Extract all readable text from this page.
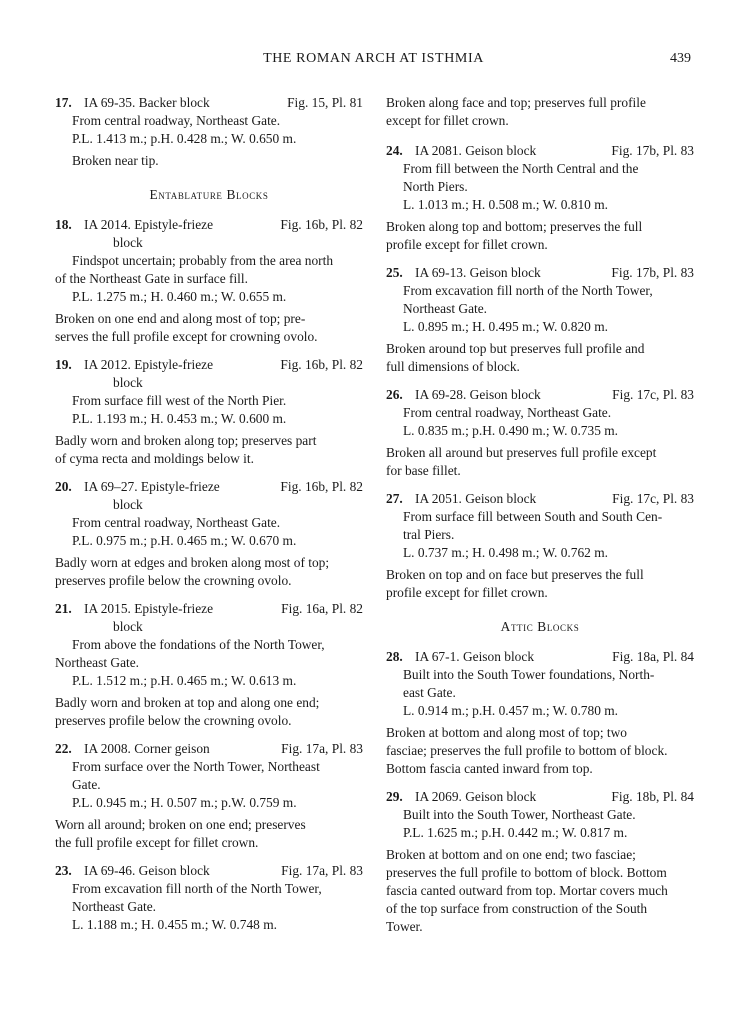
THE ROMAN ARCH AT ISTHMIA	439
17. IA 69-35. Backer block	Fig. 15, Pl. 81
From central roadway, Northeast Gate.
P.L. 1.413 m.; p.H. 0.428 m.; W. 0.650 m.
Broken near tip.
Entablature Blocks
18. IA 2014. Epistyle-frieze	Fig. 16b, Pl. 82
block
Findspot uncertain; probably from the area north
of the Northeast Gate in surface fill.
P.L. 1.275 m.; H. 0.460 m.; W. 0.655 m.
Broken on one end and along most of top; pre-
serves the full profile except for crowning ovolo.
19. IA 2012. Epistyle-frieze	Fig. 16b, Pl. 82
block
From surface fill west of the North Pier.
P.L. 1.193 m.; H. 0.453 m.; W. 0.600 m.
Badly worn and broken along top; preserves part
of cyma recta and moldings below it.
20. IA 69–27. Epistyle-frieze	Fig. 16b, Pl. 82
block
From central roadway, Northeast Gate.
P.L. 0.975 m.; p.H. 0.465 m.; W. 0.670 m.
Badly worn at edges and broken along most of top;
preserves profile below the crowning ovolo.
21. IA 2015. Epistyle-frieze	Fig. 16a, Pl. 82
block
From above the fondations of the North Tower,
Northeast Gate.
P.L. 1.512 m.; p.H. 0.465 m.; W. 0.613 m.
Badly worn and broken at top and along one end;
preserves profile below the crowning ovolo.
22. IA 2008. Corner geison	Fig. 17a, Pl. 83
From surface over the North Tower, Northeast
Gate.
P.L. 0.945 m.; H. 0.507 m.; p.W. 0.759 m.
Worn all around; broken on one end; preserves
the full profile except for fillet crown.
23. IA 69-46. Geison block	Fig. 17a, Pl. 83
From excavation fill north of the North Tower,
Northeast Gate.
L. 1.188 m.; H. 0.455 m.; W. 0.748 m.
Broken along face and top; preserves full profile
except for fillet crown.
24. IA 2081. Geison block	Fig. 17b, Pl. 83
From fill between the North Central and the
North Piers.
L. 1.013 m.; H. 0.508 m.; W. 0.810 m.
Broken along top and bottom; preserves the full
profile except for fillet crown.
25. IA 69-13. Geison block	Fig. 17b, Pl. 83
From excavation fill north of the North Tower,
Northeast Gate.
L. 0.895 m.; H. 0.495 m.; W. 0.820 m.
Broken around top but preserves full profile and
full dimensions of block.
26. IA 69-28. Geison block	Fig. 17c, Pl. 83
From central roadway, Northeast Gate.
L. 0.835 m.; p.H. 0.490 m.; W. 0.735 m.
Broken all around but preserves full profile except
for base fillet.
27. IA 2051. Geison block	Fig. 17c, Pl. 83
From surface fill between South and South Cen-
tral Piers.
L. 0.737 m.; H. 0.498 m.; W. 0.762 m.
Broken on top and on face but preserves the full
profile except for fillet crown.
Attic Blocks
28. IA 67-1. Geison block	Fig. 18a, Pl. 84
Built into the South Tower foundations, North-
east Gate.
L. 0.914 m.; p.H. 0.457 m.; W. 0.780 m.
Broken at bottom and along most of top; two
fasciae; preserves the full profile to bottom of block.
Bottom fascia canted inward from top.
29. IA 2069. Geison block	Fig. 18b, Pl. 84
Built into the South Tower, Northeast Gate.
P.L. 1.625 m.; p.H. 0.442 m.; W. 0.817 m.
Broken at bottom and on one end; two fasciae;
preserves the full profile to bottom of block. Bottom
fascia canted outward from top. Mortar covers much
of the top surface from construction of the South
Tower.
